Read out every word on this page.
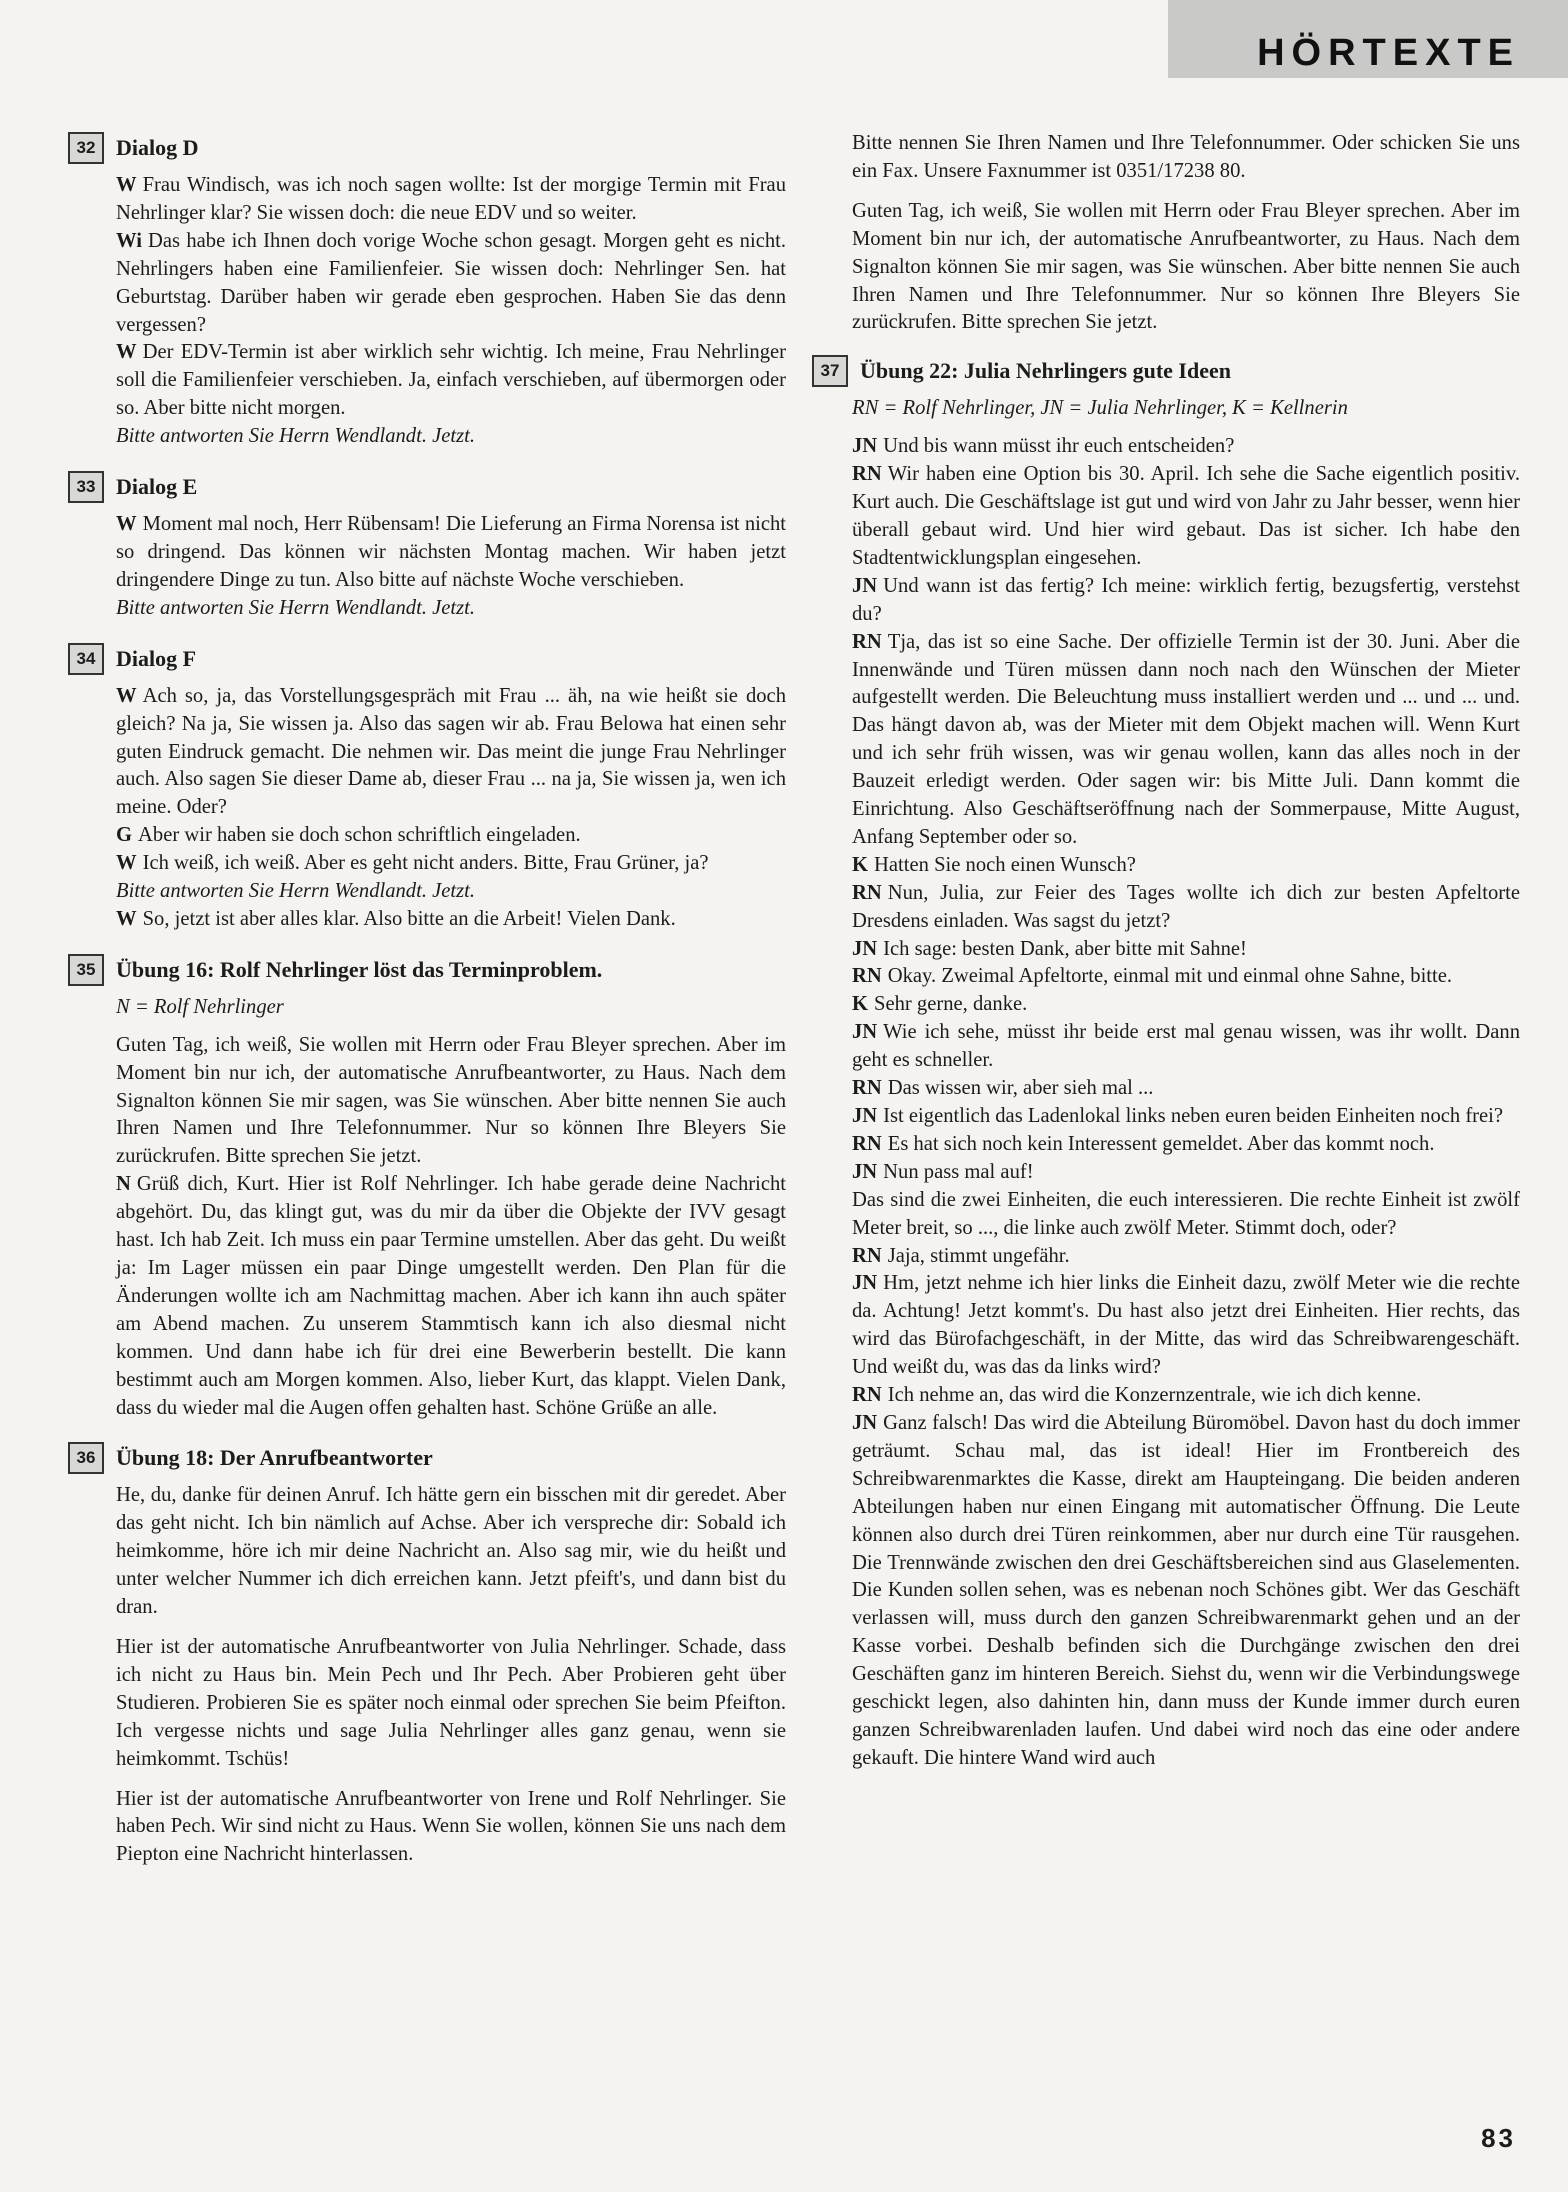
HÖRTEXTE
32 Dialog D

W Frau Windisch, was ich noch sagen wollte: Ist der morgige Termin mit Frau Nehrlinger klar? Sie wissen doch: die neue EDV und so weiter.

Wi Das habe ich Ihnen doch vorige Woche schon gesagt. Morgen geht es nicht. Nehrlingers haben eine Familienfeier. Sie wissen doch: Nehrlinger Sen. hat Geburtstag. Darüber haben wir gerade eben gesprochen. Haben Sie das denn vergessen?

W Der EDV-Termin ist aber wirklich sehr wichtig. Ich meine, Frau Nehrlinger soll die Familienfeier verschieben. Ja, einfach verschieben, auf übermorgen oder so. Aber bitte nicht morgen.

Bitte antworten Sie Herrn Wendlandt. Jetzt.

33 Dialog E

W Moment mal noch, Herr Rübensam! Die Lieferung an Firma Norensa ist nicht so dringend. Das können wir nächsten Montag machen. Wir haben jetzt dringendere Dinge zu tun. Also bitte auf nächste Woche verschieben.

Bitte antworten Sie Herrn Wendlandt. Jetzt.

34 Dialog F

W Ach so, ja, das Vorstellungsgespräch mit Frau ... äh, na wie heißt sie doch gleich? Na ja, Sie wissen ja. Also das sagen wir ab. Frau Belowa hat einen sehr guten Eindruck gemacht. Die nehmen wir. Das meint die junge Frau Nehrlinger auch. Also sagen Sie dieser Dame ab, dieser Frau ... na ja, Sie wissen ja, wen ich meine. Oder?

G Aber wir haben sie doch schon schriftlich eingeladen.

W Ich weiß, ich weiß. Aber es geht nicht anders. Bitte, Frau Grüner, ja?

Bitte antworten Sie Herrn Wendlandt. Jetzt.

W So, jetzt ist aber alles klar. Also bitte an die Arbeit! Vielen Dank.

35 Übung 16: Rolf Nehrlinger löst das Terminproblem.

N = Rolf Nehrlinger

Guten Tag, ich weiß, Sie wollen mit Herrn oder Frau Bleyer sprechen. Aber im Moment bin nur ich, der automatische Anrufbeantworter, zu Haus. Nach dem Signalton können Sie mir sagen, was Sie wünschen. Aber bitte nennen Sie auch Ihren Namen und Ihre Telefonnummer. Nur so können Ihre Bleyers Sie zurückrufen. Bitte sprechen Sie jetzt.

N Grüß dich, Kurt. Hier ist Rolf Nehrlinger. Ich habe gerade deine Nachricht abgehört. Du, das klingt gut, was du mir da über die Objekte der IVV gesagt hast. Ich hab Zeit. Ich muss ein paar Termine umstellen. Aber das geht. Du weißt ja: Im Lager müssen ein paar Dinge umgestellt werden. Den Plan für die Änderungen wollte ich am Nachmittag machen. Aber ich kann ihn auch später am Abend machen. Zu unserem Stammtisch kann ich also diesmal nicht kommen. Und dann habe ich für drei eine Bewerberin bestellt. Die kann bestimmt auch am Morgen kommen. Also, lieber Kurt, das klappt. Vielen Dank, dass du wieder mal die Augen offen gehalten hast. Schöne Grüße an alle.

36 Übung 18: Der Anrufbeantworter

He, du, danke für deinen Anruf. Ich hätte gern ein bisschen mit dir geredet. Aber das geht nicht. Ich bin nämlich auf Achse. Aber ich verspreche dir: Sobald ich heimkomme, höre ich mir deine Nachricht an. Also sag mir, wie du heißt und unter welcher Nummer ich dich erreichen kann. Jetzt pfeift's, und dann bist du dran.

Hier ist der automatische Anrufbeantworter von Julia Nehrlinger. Schade, dass ich nicht zu Haus bin. Mein Pech und Ihr Pech. Aber Probieren geht über Studieren. Probieren Sie es später noch einmal oder sprechen Sie beim Pfeifton. Ich vergesse nichts und sage Julia Nehrlinger alles ganz genau, wenn sie heimkommt. Tschüs!

Hier ist der automatische Anrufbeantworter von Irene und Rolf Nehrlinger. Sie haben Pech. Wir sind nicht zu Haus. Wenn Sie wollen, können Sie uns nach dem Piepton eine Nachricht hinterlassen.

Bitte nennen Sie Ihren Namen und Ihre Telefonnummer. Oder schicken Sie uns ein Fax. Unsere Faxnummer ist 0351/17238 80.

Guten Tag, ich weiß, Sie wollen mit Herrn oder Frau Bleyer sprechen. Aber im Moment bin nur ich, der automatische Anrufbeantworter, zu Haus. Nach dem Signalton können Sie mir sagen, was Sie wünschen. Aber bitte nennen Sie auch Ihren Namen und Ihre Telefonnummer. Nur so können Ihre Bleyers Sie zurückrufen. Bitte sprechen Sie jetzt.

37 Übung 22: Julia Nehrlingers gute Ideen

RN = Rolf Nehrlinger, JN = Julia Nehrlinger, K = Kellnerin

JN Und bis wann müsst ihr euch entscheiden?

RN Wir haben eine Option bis 30. April. Ich sehe die Sache eigentlich positiv. Kurt auch. Die Geschäftslage ist gut und wird von Jahr zu Jahr besser, wenn hier überall gebaut wird. Und hier wird gebaut. Das ist sicher. Ich habe den Stadtentwicklungsplan eingesehen.

JN Und wann ist das fertig? Ich meine: wirklich fertig, bezugsfertig, verstehst du?

RN Tja, das ist so eine Sache. Der offizielle Termin ist der 30. Juni. Aber die Innenwände und Türen müssen dann noch nach den Wünschen der Mieter aufgestellt werden. Die Beleuchtung muss installiert werden und ... und ... und. Das hängt davon ab, was der Mieter mit dem Objekt machen will. Wenn Kurt und ich sehr früh wissen, was wir genau wollen, kann das alles noch in der Bauzeit erledigt werden. Oder sagen wir: bis Mitte Juli. Dann kommt die Einrichtung. Also Geschäftseröffnung nach der Sommerpause, Mitte August, Anfang September oder so.

K Hatten Sie noch einen Wunsch?

RN Nun, Julia, zur Feier des Tages wollte ich dich zur besten Apfeltorte Dresdens einladen. Was sagst du jetzt?

JN Ich sage: besten Dank, aber bitte mit Sahne!

RN Okay. Zweimal Apfeltorte, einmal mit und einmal ohne Sahne, bitte.

K Sehr gerne, danke.

JN Wie ich sehe, müsst ihr beide erst mal genau wissen, was ihr wollt. Dann geht es schneller.

RN Das wissen wir, aber sieh mal ...

JN Ist eigentlich das Ladenlokal links neben euren beiden Einheiten noch frei?

RN Es hat sich noch kein Interessent gemeldet. Aber das kommt noch.

JN Nun pass mal auf!

Das sind die zwei Einheiten, die euch interessieren. Die rechte Einheit ist zwölf Meter breit, so ..., die linke auch zwölf Meter. Stimmt doch, oder?

RN Jaja, stimmt ungefähr.

JN Hm, jetzt nehme ich hier links die Einheit dazu, zwölf Meter wie die rechte da. Achtung! Jetzt kommt's. Du hast also jetzt drei Einheiten. Hier rechts, das wird das Bürofachgeschäft, in der Mitte, das wird das Schreibwarengeschäft. Und weißt du, was das da links wird?

RN Ich nehme an, das wird die Konzernzentrale, wie ich dich kenne.

JN Ganz falsch! Das wird die Abteilung Büromöbel. Davon hast du doch immer geträumt. Schau mal, das ist ideal! Hier im Frontbereich des Schreibwarenmarktes die Kasse, direkt am Haupteingang. Die beiden anderen Abteilungen haben nur einen Eingang mit automatischer Öffnung. Die Leute können also durch drei Türen reinkommen, aber nur durch eine Tür rausgehen. Die Trennwände zwischen den drei Geschäftsbereichen sind aus Glaselementen. Die Kunden sollen sehen, was es nebenan noch Schönes gibt. Wer das Geschäft verlassen will, muss durch den ganzen Schreibwarenmarkt gehen und an der Kasse vorbei. Deshalb befinden sich die Durchgänge zwischen den drei Geschäften ganz im hinteren Bereich. Siehst du, wenn wir die Verbindungswege geschickt legen, also dahinten hin, dann muss der Kunde immer durch euren ganzen Schreibwarenladen laufen. Und dabei wird noch das eine oder andere gekauft. Die hintere Wand wird auch

83
